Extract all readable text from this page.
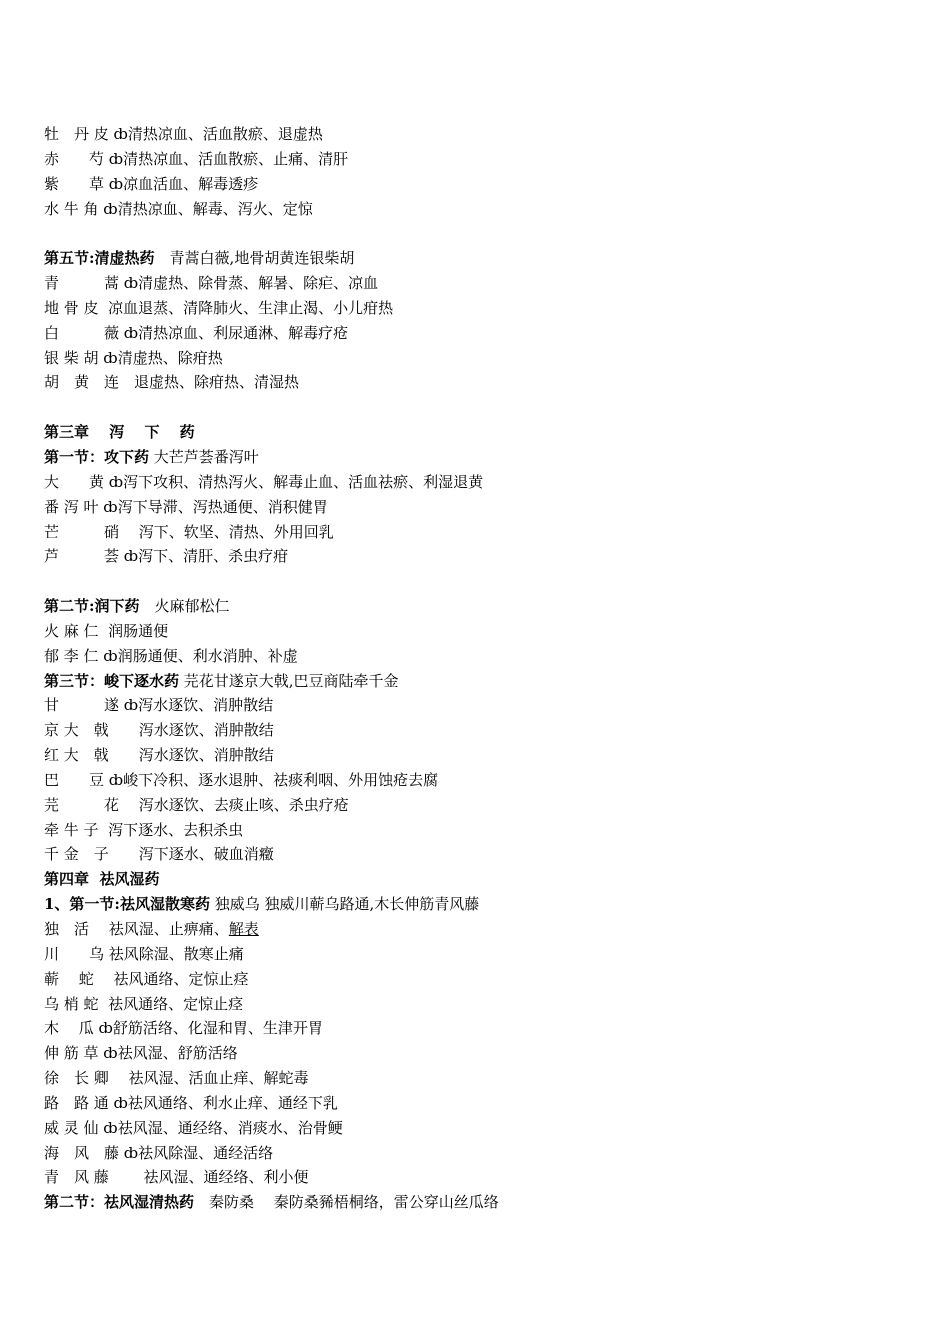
牡　丹 皮 ȸ清热凉血、活血散瘀、退虚热
赤　　芍 ȸ清热凉血、活血散瘀、止痛、清肝
紫　　草 ȸ凉血活血、解毒透疹
水 牛 角 ȸ清热凉血、解毒、泻火、定惊
第五节:清虚热药　青蒿白薇,地骨胡黄连银柴胡
青　　　蒿 ȸ清虚热、除骨蒸、解暑、除疟、凉血
地 骨 皮  凉血退蒸、清降肺火、生津止渴、小儿疳热
白　　　薇 ȸ清热凉血、利尿通淋、解毒疗疮
银 柴 胡 ȸ清虚热、除疳热
胡　黄　连　退虚热、除疳热、清湿热
第三章　 泻　 下　 药
第一节：攻下药 大芒芦荟番泻叶
大　　黄 ȸ泻下攻积、清热泻火、解毒止血、活血祛瘀、利湿退黄
番 泻 叶 ȸ泻下导滞、泻热通便、消积健胃
芒　　　硝　 泻下、软坚、清热、外用回乳
芦　　　荟 ȸ泻下、清肝、杀虫疗疳
第二节:润下药　火麻郁松仁
火 麻 仁  润肠通便
郁 李 仁 ȸ润肠通便、利水消肿、补虚
第三节：峻下逐水药 芫花甘遂京大戟,巴豆商陆牵千金
甘　　　遂 ȸ泻水逐饮、消肿散结
京 大　戟　　泻水逐饮、消肿散结
红 大　戟　　泻水逐饮、消肿散结
巴　　豆 ȸ峻下冷积、逐水退肿、祛痰利咽、外用蚀疮去腐
芫　　　花　 泻水逐饮、去痰止咳、杀虫疗疮
牵 牛 子  泻下逐水、去积杀虫
千 金　子　　泻下逐水、破血消癥
第四章  祛风湿药
1、第一节:祛风湿散寒药 独威乌 独威川蕲乌路通,木长伸筋青风藤
独　活　 祛风湿、止痹痛、解表
川　　乌 祛风除湿、散寒止痛
蕲　 蛇　 祛风通络、定惊止痉
乌 梢 蛇  祛风通络、定惊止痉
木　 瓜 ȸ舒筋活络、化湿和胃、生津开胃
伸 筋 草 ȸ祛风湿、舒筋活络
徐　长 卿　 祛风湿、活血止痒、解蛇毒
路　路 通 ȸ祛风通络、利水止痒、通经下乳
威 灵 仙 ȸ祛风湿、通经络、消痰水、治骨鲠
海　风　藤 ȸ祛风除湿、通经活络
青　风 藤　　 祛风湿、通经络、利小便
第二节：祛风湿清热药　秦防桑　 秦防桑豨梧桐络，雷公穿山丝瓜络
